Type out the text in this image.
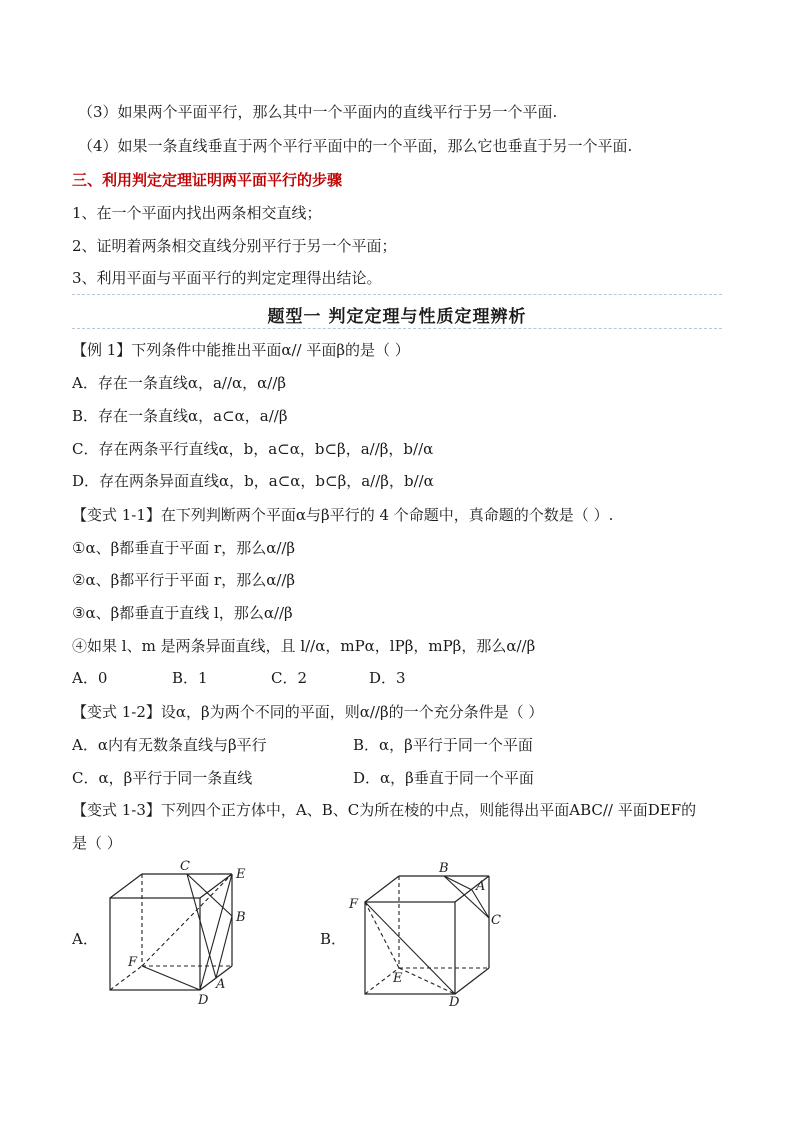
（3）如果两个平面平行，那么其中一个平面内的直线平行于另一个平面.
（4）如果一条直线垂直于两个平行平面中的一个平面，那么它也垂直于另一个平面.
三、利用判定定理证明两平面平行的步骤
1、在一个平面内找出两条相交直线；
2、证明着两条相交直线分别平行于另一个平面；
3、利用平面与平面平行的判定定理得出结论。
题型一 判定定理与性质定理辨析
【例 1】下列条件中能推出平面α// 平面β的是（ ）
A．存在一条直线α，a//α，α//β
B．存在一条直线α，a⊂α，a//β
C．存在两条平行直线α，b，a⊂α，b⊂β，a//β，b//α
D．存在两条异面直线α，b，a⊂α，b⊂β，a//β，b//α
【变式 1-1】在下列判断两个平面α与β平行的 4 个命题中，真命题的个数是（ ）.
①α、β都垂直于平面 r，那么α//β
②α、β都平行于平面 r，那么α//β
③α、β都垂直于直线 l，那么α//β
④如果 l、m 是两条异面直线，且 l//α，mPα，lPβ，mPβ，那么α//β
A．0	B．1	C．2	D．3
【变式 1-2】设α，β为两个不同的平面，则α//β的一个充分条件是（ ）
A．α内有无数条直线与β平行	B．α，β平行于同一个平面
C．α，β平行于同一条直线	D．α，β垂直于同一个平面
【变式 1-3】下列四个正方体中，A、B、C为所在棱的中点，则能得出平面ABC// 平面DEF的
是（ ）
A．
C
E
B
F
A
D
B．
B
A
F
C
E
D
